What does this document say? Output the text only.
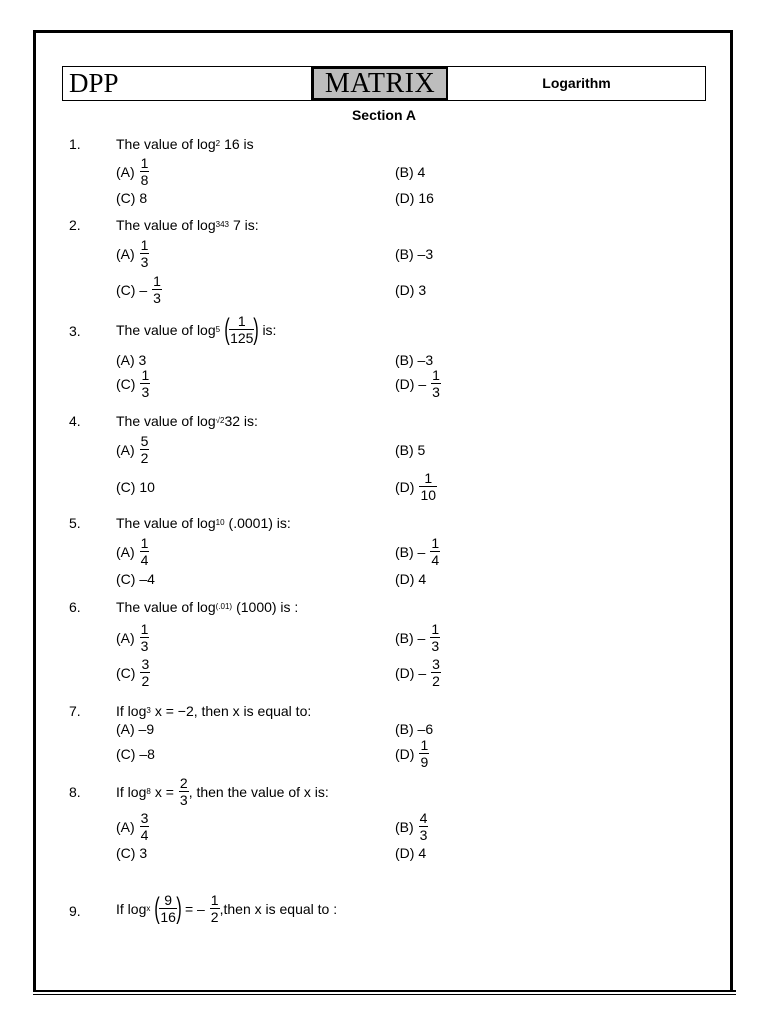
DPP	MATRIX	Logarithm
Section A
1.	The value of log 2 16 is
$(A) \frac{1}{8}$	(B) 4
(C) 8	(D) 16
2.	The value of log 343 7 is:
$(A) \frac{1}{3}$	(B) –3
$(C) - \frac{1}{3}$	(D) 3
3.	The value of log 5 ( $\frac{1}{125}$ ) is:
(A) 3	(B) –3
$(C) \frac{1}{3}$	$(D) - \frac{1}{3}$
4.	The value of log √2 32 is:
$(A) \frac{5}{2}$	(B) 5
(C) 10	$(D) \frac{1}{10}$
5.	The value of log 10 (.0001) is:
$(A) \frac{1}{4}$	$(B) - \frac{1}{4}$
(C) –4	(D) 4
6.	The value of log (.01) (1000) is :
$(A) \frac{1}{3}$	$(B) - \frac{1}{3}$
$(C) \frac{3}{2}$	$(D) - \frac{3}{2}$
7.	If log 3 x = −2, then x is equal to:
(A) –9	(B) –6
(C) –8	$(D) \frac{1}{9}$
8.	If log 8 $x = \frac{2}{3}$ , then the value of x is:
$(A) \frac{3}{4}$	$(B) \frac{4}{3}$
(C) 3	(D) 4
9.	If log x ( $\frac{9}{16}$ ) = – $\frac{1}{2}$ ,then x is equal to :
